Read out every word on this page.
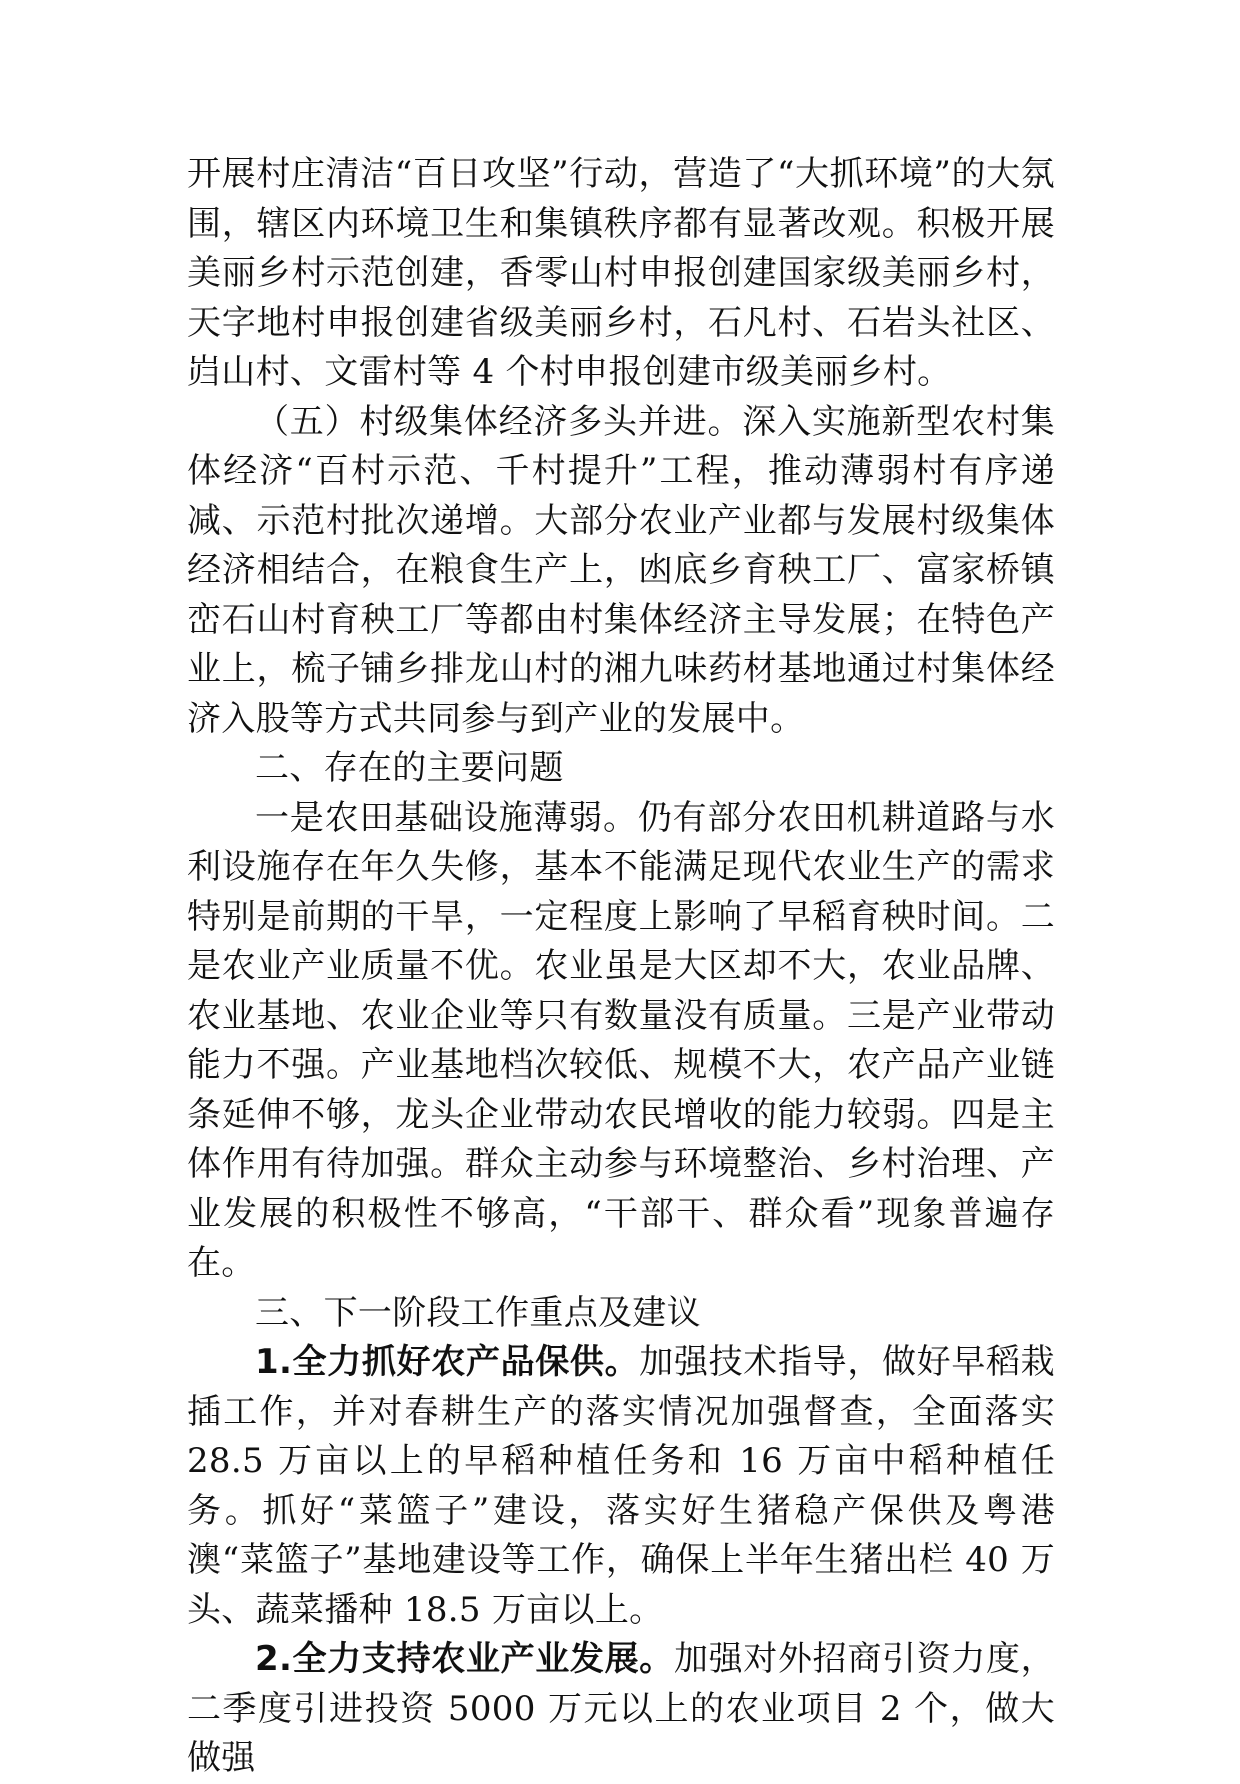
开展村庄清洁“百日攻坚”行动，营造了“大抓环境”的大氛围，辖区内环境卫生和集镇秩序都有显著改观。积极开展美丽乡村示范创建，香零山村申报创建国家级美丽乡村，天字地村申报创建省级美丽乡村，石凡村、石岩头社区、岿山村、文雷村等 4 个村申报创建市级美丽乡村。

（五）村级集体经济多头并进。深入实施新型农村集体经济“百村示范、千村提升”工程，推动薄弱村有序递减、示范村批次递增。大部分农业产业都与发展村级集体经济相结合，在粮食生产上，凼底乡育秧工厂、富家桥镇峦石山村育秧工厂等都由村集体经济主导发展；在特色产业上，梳子铺乡排龙山村的湘九味药材基地通过村集体经济入股等方式共同参与到产业的发展中。

二、存在的主要问题

一是农田基础设施薄弱。仍有部分农田机耕道路与水利设施存在年久失修，基本不能满足现代农业生产的需求特别是前期的干旱，一定程度上影响了早稻育秧时间。二是农业产业质量不优。农业虽是大区却不大，农业品牌、农业基地、农业企业等只有数量没有质量。三是产业带动能力不强。产业基地档次较低、规模不大，农产品产业链条延伸不够，龙头企业带动农民增收的能力较弱。四是主体作用有待加强。群众主动参与环境整治、乡村治理、产业发展的积极性不够高，“干部干、群众看”现象普遍存在。

三、下一阶段工作重点及建议

1.全力抓好农产品保供。加强技术指导，做好早稻栽插工作，并对春耕生产的落实情况加强督查，全面落实 28.5 万亩以上的早稻种植任务和 16 万亩中稻种植任务。抓好“菜篮子”建设，落实好生猪稳产保供及粤港澳“菜篮子”基地建设等工作，确保上半年生猪出栏 40 万头、蔬菜播种 18.5 万亩以上。

2.全力支持农业产业发展。加强对外招商引资力度，二季度引进投资 5000 万元以上的农业项目 2 个，做大做强
